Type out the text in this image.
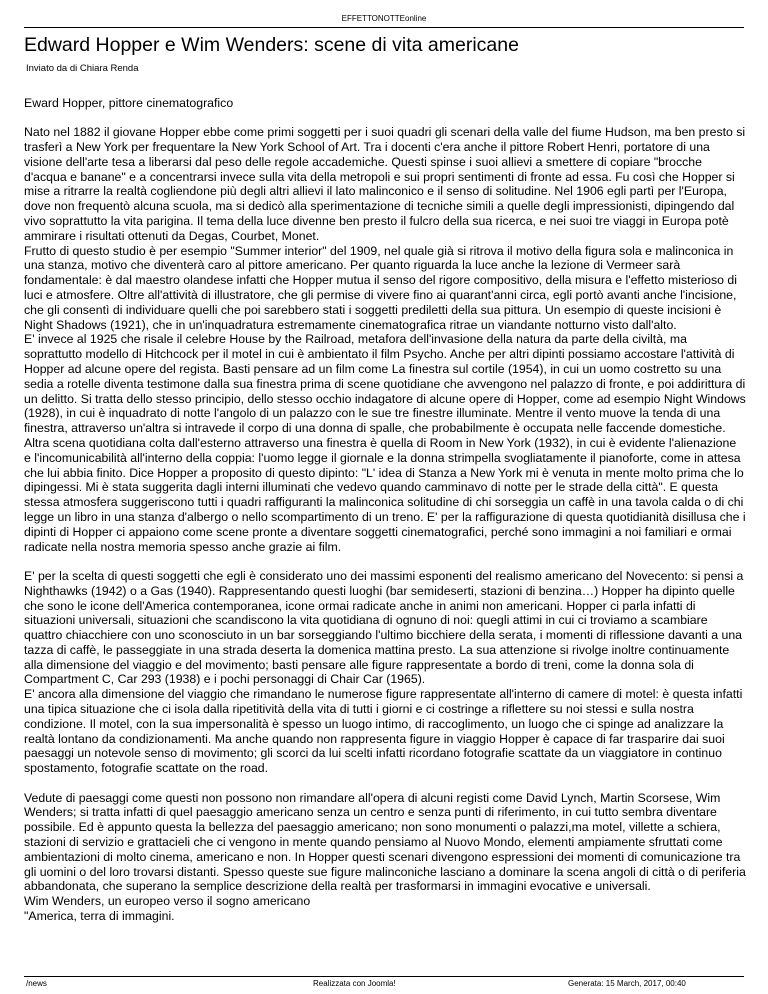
EFFETTONOTTEonline
Edward Hopper e Wim Wenders: scene di vita americane
Inviato da di Chiara Renda

Eward Hopper, pittore cinematografico

Nato nel 1882 il giovane Hopper ebbe come primi soggetti per i suoi quadri gli scenari della valle del fiume Hudson, ma ben presto si trasferì a New York per frequentare la New York School of Art. Tra i docenti c'era anche il pittore Robert Henri, portatore di una visione dell'arte tesa a liberarsi dal peso delle regole accademiche. Questi spinse i suoi allievi a smettere di copiare "brocche d'acqua e banane" e a concentrarsi invece sulla vita della metropoli e sui propri sentimenti di fronte ad essa. Fu così che Hopper si mise a ritrarre la realtà cogliendone più degli altri allievi il lato malinconico e il senso di solitudine. Nel 1906 egli partì per l'Europa, dove non frequentò alcuna scuola, ma si dedicò alla sperimentazione di tecniche simili a quelle degli impressionisti, dipingendo dal vivo soprattutto la vita parigina. Il tema della luce divenne ben presto il fulcro della sua ricerca, e nei suoi tre viaggi in Europa potè ammirare i risultati ottenuti da Degas, Courbet, Monet.
Frutto di questo studio è per esempio "Summer interior" del 1909, nel quale già si ritrova il motivo della figura sola e malinconica in una stanza, motivo che diventerà caro al pittore americano. Per quanto riguarda la luce anche la lezione di Vermeer sarà fondamentale: è dal maestro olandese infatti che Hopper mutua il senso del rigore compositivo, della misura e l'effetto misterioso di luci e atmosfere. Oltre all'attività di illustratore, che gli permise di vivere fino ai quarant'anni circa, egli portò avanti anche l'incisione, che gli consentì di individuare quelli che poi sarebbero stati i soggetti prediletti della sua pittura. Un esempio di queste incisioni è Night Shadows (1921), che in un'inquadratura estremamente cinematografica ritrae un viandante notturno visto dall'alto.
E' invece al 1925 che risale il celebre House by the Railroad, metafora dell'invasione della natura da parte della civiltà, ma soprattutto modello di Hitchcock per il motel in cui è ambientato il film Psycho. Anche per altri dipinti possiamo accostare l'attività di Hopper ad alcune opere del regista. Basti pensare ad un film come La finestra sul cortile (1954), in cui un uomo costretto su una sedia a rotelle diventa testimone dalla sua finestra prima di scene quotidiane che avvengono nel palazzo di fronte, e poi addirittura di un delitto. Si tratta dello stesso principio, dello stesso occhio indagatore di alcune opere di Hopper, come ad esempio Night Windows (1928), in cui è inquadrato di notte l'angolo di un palazzo con le sue tre finestre illuminate. Mentre il vento muove la tenda di una finestra, attraverso un'altra si intravede il corpo di una donna di spalle, che probabilmente è occupata nelle faccende domestiche.
Altra scena quotidiana colta dall'esterno attraverso una finestra è quella di Room in New York (1932), in cui è evidente l'alienazione e l'incomunicabilità all'interno della coppia: l'uomo legge il giornale e la donna strimpella svogliatamente il pianoforte, come in attesa che lui abbia finito. Dice Hopper a proposito di questo dipinto: "L' idea di Stanza a New York mi è venuta in mente molto prima che lo dipingessi. Mi è stata suggerita dagli interni illuminati che vedevo quando camminavo di notte per le strade della città". E questa stessa atmosfera suggeriscono tutti i quadri raffiguranti la malinconica solitudine di chi sorseggia un caffè in una tavola calda o di chi legge un libro in una stanza d'albergo o nello scompartimento di un treno. E' per la raffigurazione di questa quotidianità disillusa che i dipinti di Hopper ci appaiono come scene pronte a diventare soggetti cinematografici, perché sono immagini a noi familiari e ormai radicate nella nostra memoria spesso anche grazie ai film.

E' per la scelta di questi soggetti che egli è considerato uno dei massimi esponenti del realismo americano del Novecento: si pensi a Nighthawks (1942) o a Gas (1940). Rappresentando questi luoghi (bar semideserti, stazioni di benzina…) Hopper ha dipinto quelle che sono le icone dell'America contemporanea, icone ormai radicate anche in animi non americani. Hopper ci parla infatti di situazioni universali, situazioni che scandiscono la vita quotidiana di ognuno di noi: quegli attimi in cui ci troviamo a scambiare quattro chiacchiere con uno sconosciuto in un bar sorseggiando l'ultimo bicchiere della serata, i momenti di riflessione davanti a una tazza di caffè, le passeggiate in una strada deserta la domenica mattina presto. La sua attenzione si rivolge inoltre continuamente alla dimensione del viaggio e del movimento; basti pensare alle figure rappresentate a bordo di treni, come la donna sola di Compartment C, Car 293 (1938) e i pochi personaggi di Chair Car (1965).
E' ancora alla dimensione del viaggio che rimandano le numerose figure rappresentate all'interno di camere di motel: è questa infatti una tipica situazione che ci isola dalla ripetitività della vita di tutti i giorni e ci costringe a riflettere su noi stessi e sulla nostra condizione. Il motel, con la sua impersonalità è spesso un luogo intimo, di raccoglimento, un luogo che ci spinge ad analizzare la realtà lontano da condizionamenti. Ma anche quando non rappresenta figure in viaggio Hopper è capace di far trasparire dai suoi paesaggi un notevole senso di movimento; gli scorci da lui scelti infatti ricordano fotografie scattate da un viaggiatore in continuo spostamento, fotografie scattate on the road.

Vedute di paesaggi come questi non possono non rimandare all'opera di alcuni registi come David Lynch, Martin Scorsese, Wim Wenders; si tratta infatti di quel paesaggio americano senza un centro e senza punti di riferimento, in cui tutto sembra diventare possibile. Ed è appunto questa la bellezza del paesaggio americano; non sono monumenti o palazzi,ma motel, villette a schiera, stazioni di servizio e grattacieli che ci vengono in mente quando pensiamo al Nuovo Mondo, elementi ampiamente sfruttati come ambientazioni di molto cinema, americano e non. In Hopper questi scenari divengono espressioni dei momenti di comunicazione tra gli uomini o del loro trovarsi distanti. Spesso queste sue figure malinconiche lasciano a dominare la scena angoli di città o di periferia abbandonata, che superano la semplice descrizione della realtà per trasformarsi in immagini evocative e universali.
Wim Wenders, un europeo verso il sogno americano
"America, terra di immagini.

/news	Realizzata con Joomla!	Generata: 15 March, 2017, 00:40
